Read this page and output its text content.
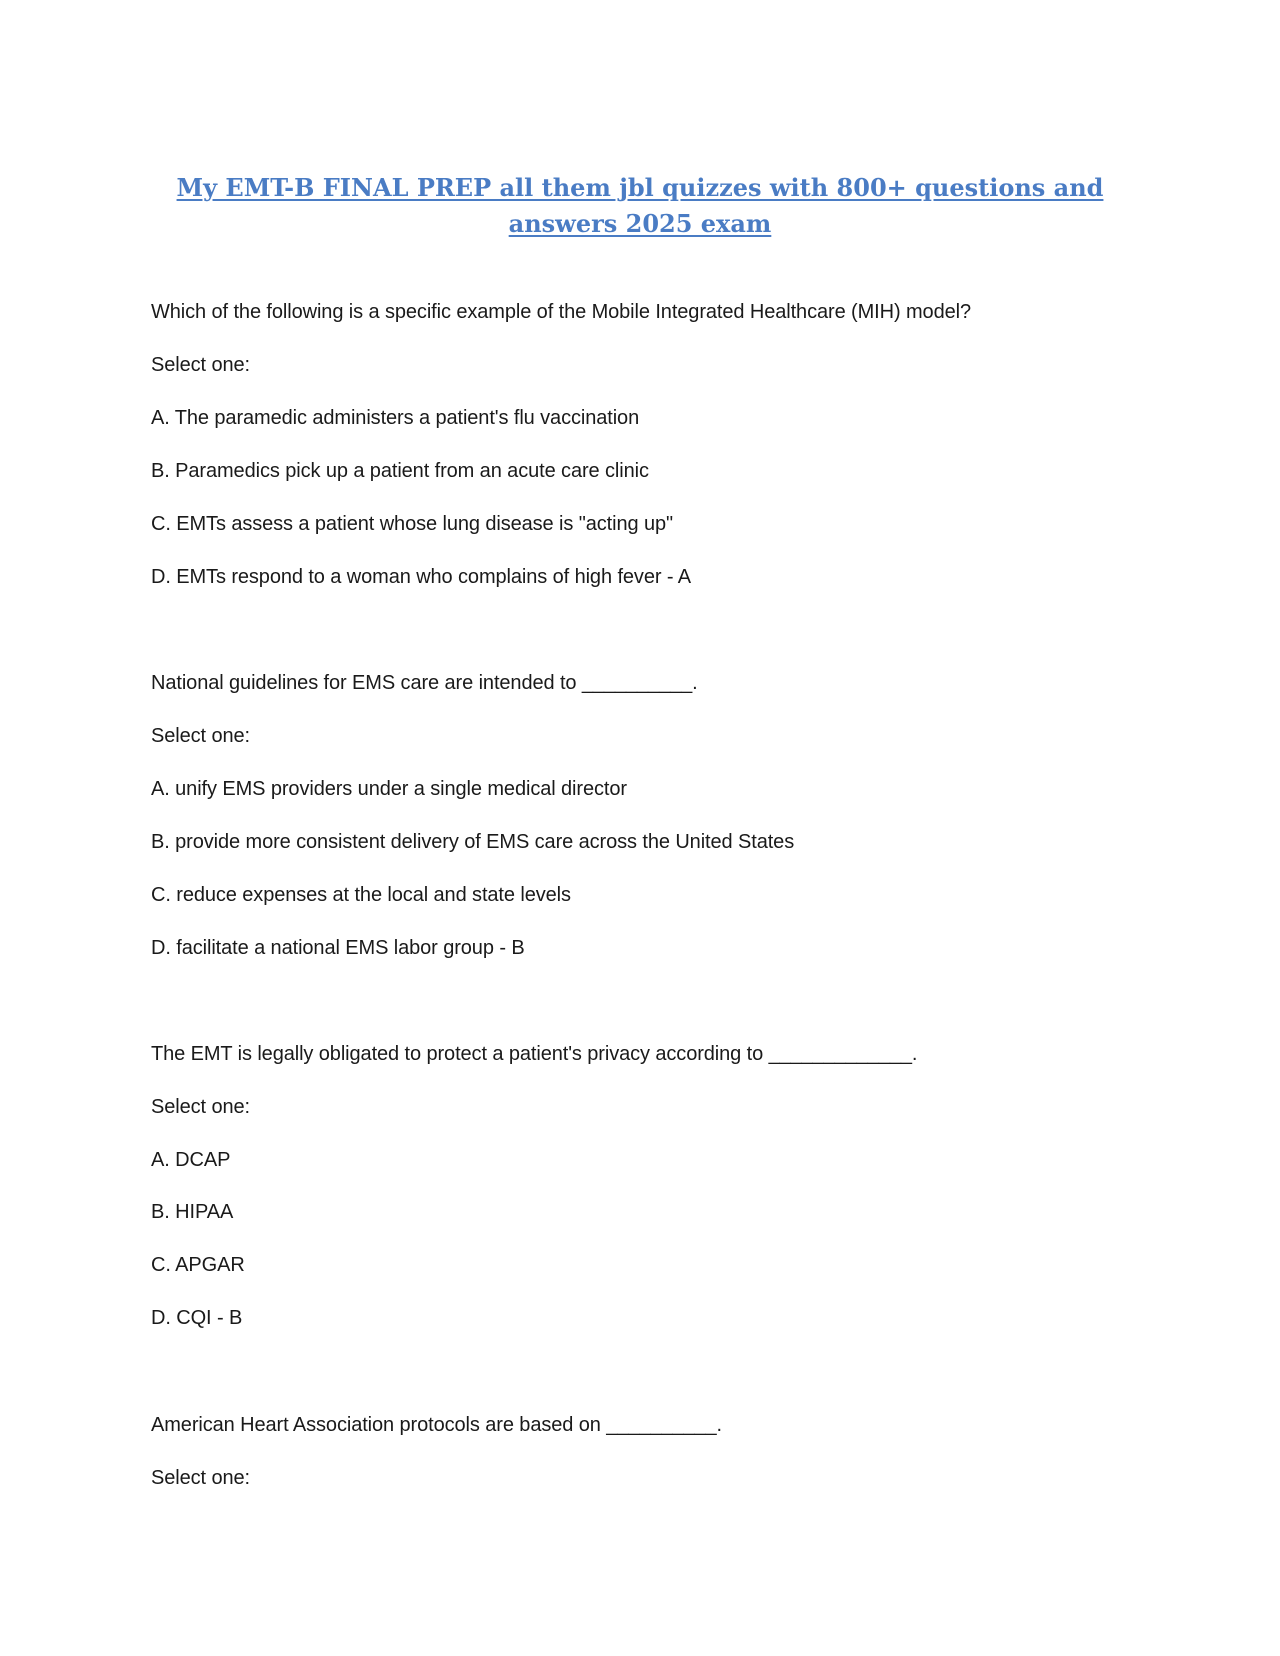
My EMT-B FINAL PREP all them jbl quizzes with 800+ questions and answers 2025 exam

Which of the following is a specific example of the Mobile Integrated Healthcare (MIH) model?

Select one:

A. The paramedic administers a patient's flu vaccination

B. Paramedics pick up a patient from an acute care clinic

C. EMTs assess a patient whose lung disease is "acting up"

D. EMTs respond to a woman who complains of high fever - A

National guidelines for EMS care are intended to __________.

Select one:

A. unify EMS providers under a single medical director

B. provide more consistent delivery of EMS care across the United States

C. reduce expenses at the local and state levels

D. facilitate a national EMS labor group - B

The EMT is legally obligated to protect a patient's privacy according to _____________.

Select one:

A. DCAP

B. HIPAA

C. APGAR

D. CQI - B

American Heart Association protocols are based on __________.

Select one:
